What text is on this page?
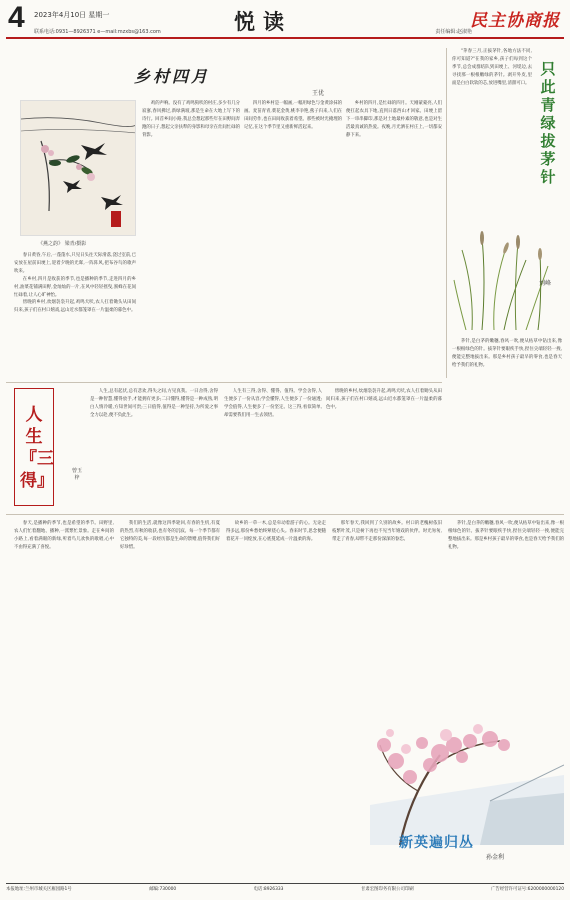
4 2023年4月10日 星期一
联系电话:0931—8926371 e—mail:mzxbs@163.com	悦读	责任编辑:赵淑艳
民主协商报
乡村四月
王优
《燕之韵》 梁青/摄影

春日黄昏,午后,一蓬蓬水,只见日头往天际滑落,浇过室前,已安放在屋前田埂上,迎着夕晚的光晖,一阵阵风,把布谷鸟的歌声吹来。

在乡村,四月是收获的季节,也是播种的季节,走进四月的乡村,油菜花铺满田野,金灿灿的一片,在风中轻轻摇曳,蜜蜂在花间忙碌着,让人心旷神怡。

傍晚的乡村,炊烟袅袅升起,鸡鸣犬吠,农人扛着锄头从田间归来,孩子们在村口嬉戏,远山近水都笼罩在一片温柔的暮色中。

鸡的声响。没有了鸡鸣狗吠的村庄,多少有几分寂寥,春风拂过,新绿满坡,那是生命在大地上写下的诗行。回首乡间小路,我总会想起那些年在田野间奔跑的日子,想起父亲扶犁的身影和母亲在灶间忙碌的背影。

四月的乡村是一幅画,一幅用绿色与金黄涂抹的画。麦苗青青,菜花金黄,桃李争艳,燕子归来,人们在田间劳作,也在田间收获着希望。那些被时光掩埋的记忆,在这个季节里又重新鲜活起来。

乡村的四月,是忙碌的四月。天刚蒙蒙亮,人们便扛起农具下地,直到日落西山才回家。田埂上留下一串串脚印,那是对土地最朴素的敬意,也是对生活最真诚的热爱。夜晚,月光洒在村庄上,一切都安静下来。

"茅春三月,正拔茅针,各地方法不同,你可知道?"在我的家乡,孩子们每到这个季节,总会成群结队到田埂上、河堤边,去寻找那一根根嫩绿的茅针。剥开外皮,里面是白白软软的芯,放进嘴里,清甜可口。

只此青绿拔茅针

茅针,是白茅的嫩穗,春风一吹,便从枯草中钻出来,像一根根绿色的针。拔茅针要眼疾手快,捏住尖端轻轻一拽,便能完整地拔出来。那是乡村孩子最早的零食,也是春天给予我们的礼物。

刘峰
人生『三得』	曾玉梓

人生,总有起伏,总有悲欢,得失之间,方见真我。一曰舍得,舍得是一种智慧,懂得放手,才能拥有更多;二曰懂得,懂得是一种成熟,明白人情冷暖,方知世间可贵;三曰值得,值得是一种坚持,为所爱之事全力以赴,便不负此生。

人生有三得,舍得、懂得、值得。学会舍得,人生便多了一份从容;学会懂得,人生便多了一份通透;学会值得,人生便多了一份坚定。这三得,看似简单,却需要我们用一生去领悟。

傍晚的乡村,炊烟袅袅升起,鸡鸣犬吠,农人扛着锄头从田间归来,孩子们在村口嬉戏,远山近水都笼罩在一片温柔的暮色中。

春天,是播种的季节,也是希望的季节。田野里,农人们忙着翻地、播种,一派繁忙景象。走在乡间的小路上,看着满眼的新绿,听着鸟儿欢快的歌唱,心中不由得充满了喜悦。

我们的生活,就像这四季轮回,有春的生机,有夏的热烈,有秋的收获,也有冬的沉寂。每一个季节都有它独特的美,每一段经历都是生命的馈赠,值得我们好好珍惜。

故乡的一草一木,总是牵动着游子的心。无论走得多远,那份乡愁始终萦绕心头。春来时节,思念便随着花开一同绽放,在心底蔓延成一片温柔的海。

那年春天,我回到了久别的故乡。村口的老槐树依旧枝繁叶茂,只是树下再也不见当年嬉戏的伙伴。时光匆匆,带走了青春,却带不走那份深深的眷恋。

茅针,是白茅的嫩穗,春风一吹,便从枯草中钻出来,像一根根绿色的针。拔茅针要眼疾手快,捏住尖端轻轻一拽,便能完整地拔出来。那是乡村孩子最早的零食,也是春天给予我们的礼物。

新英遍归丛
孙金利
本报地址:兰州市城关区雁园路1号	邮编:730000	电话:8926333	甘肃宏图印务有限公司印刷	广告经营许可证号:6200000000120
